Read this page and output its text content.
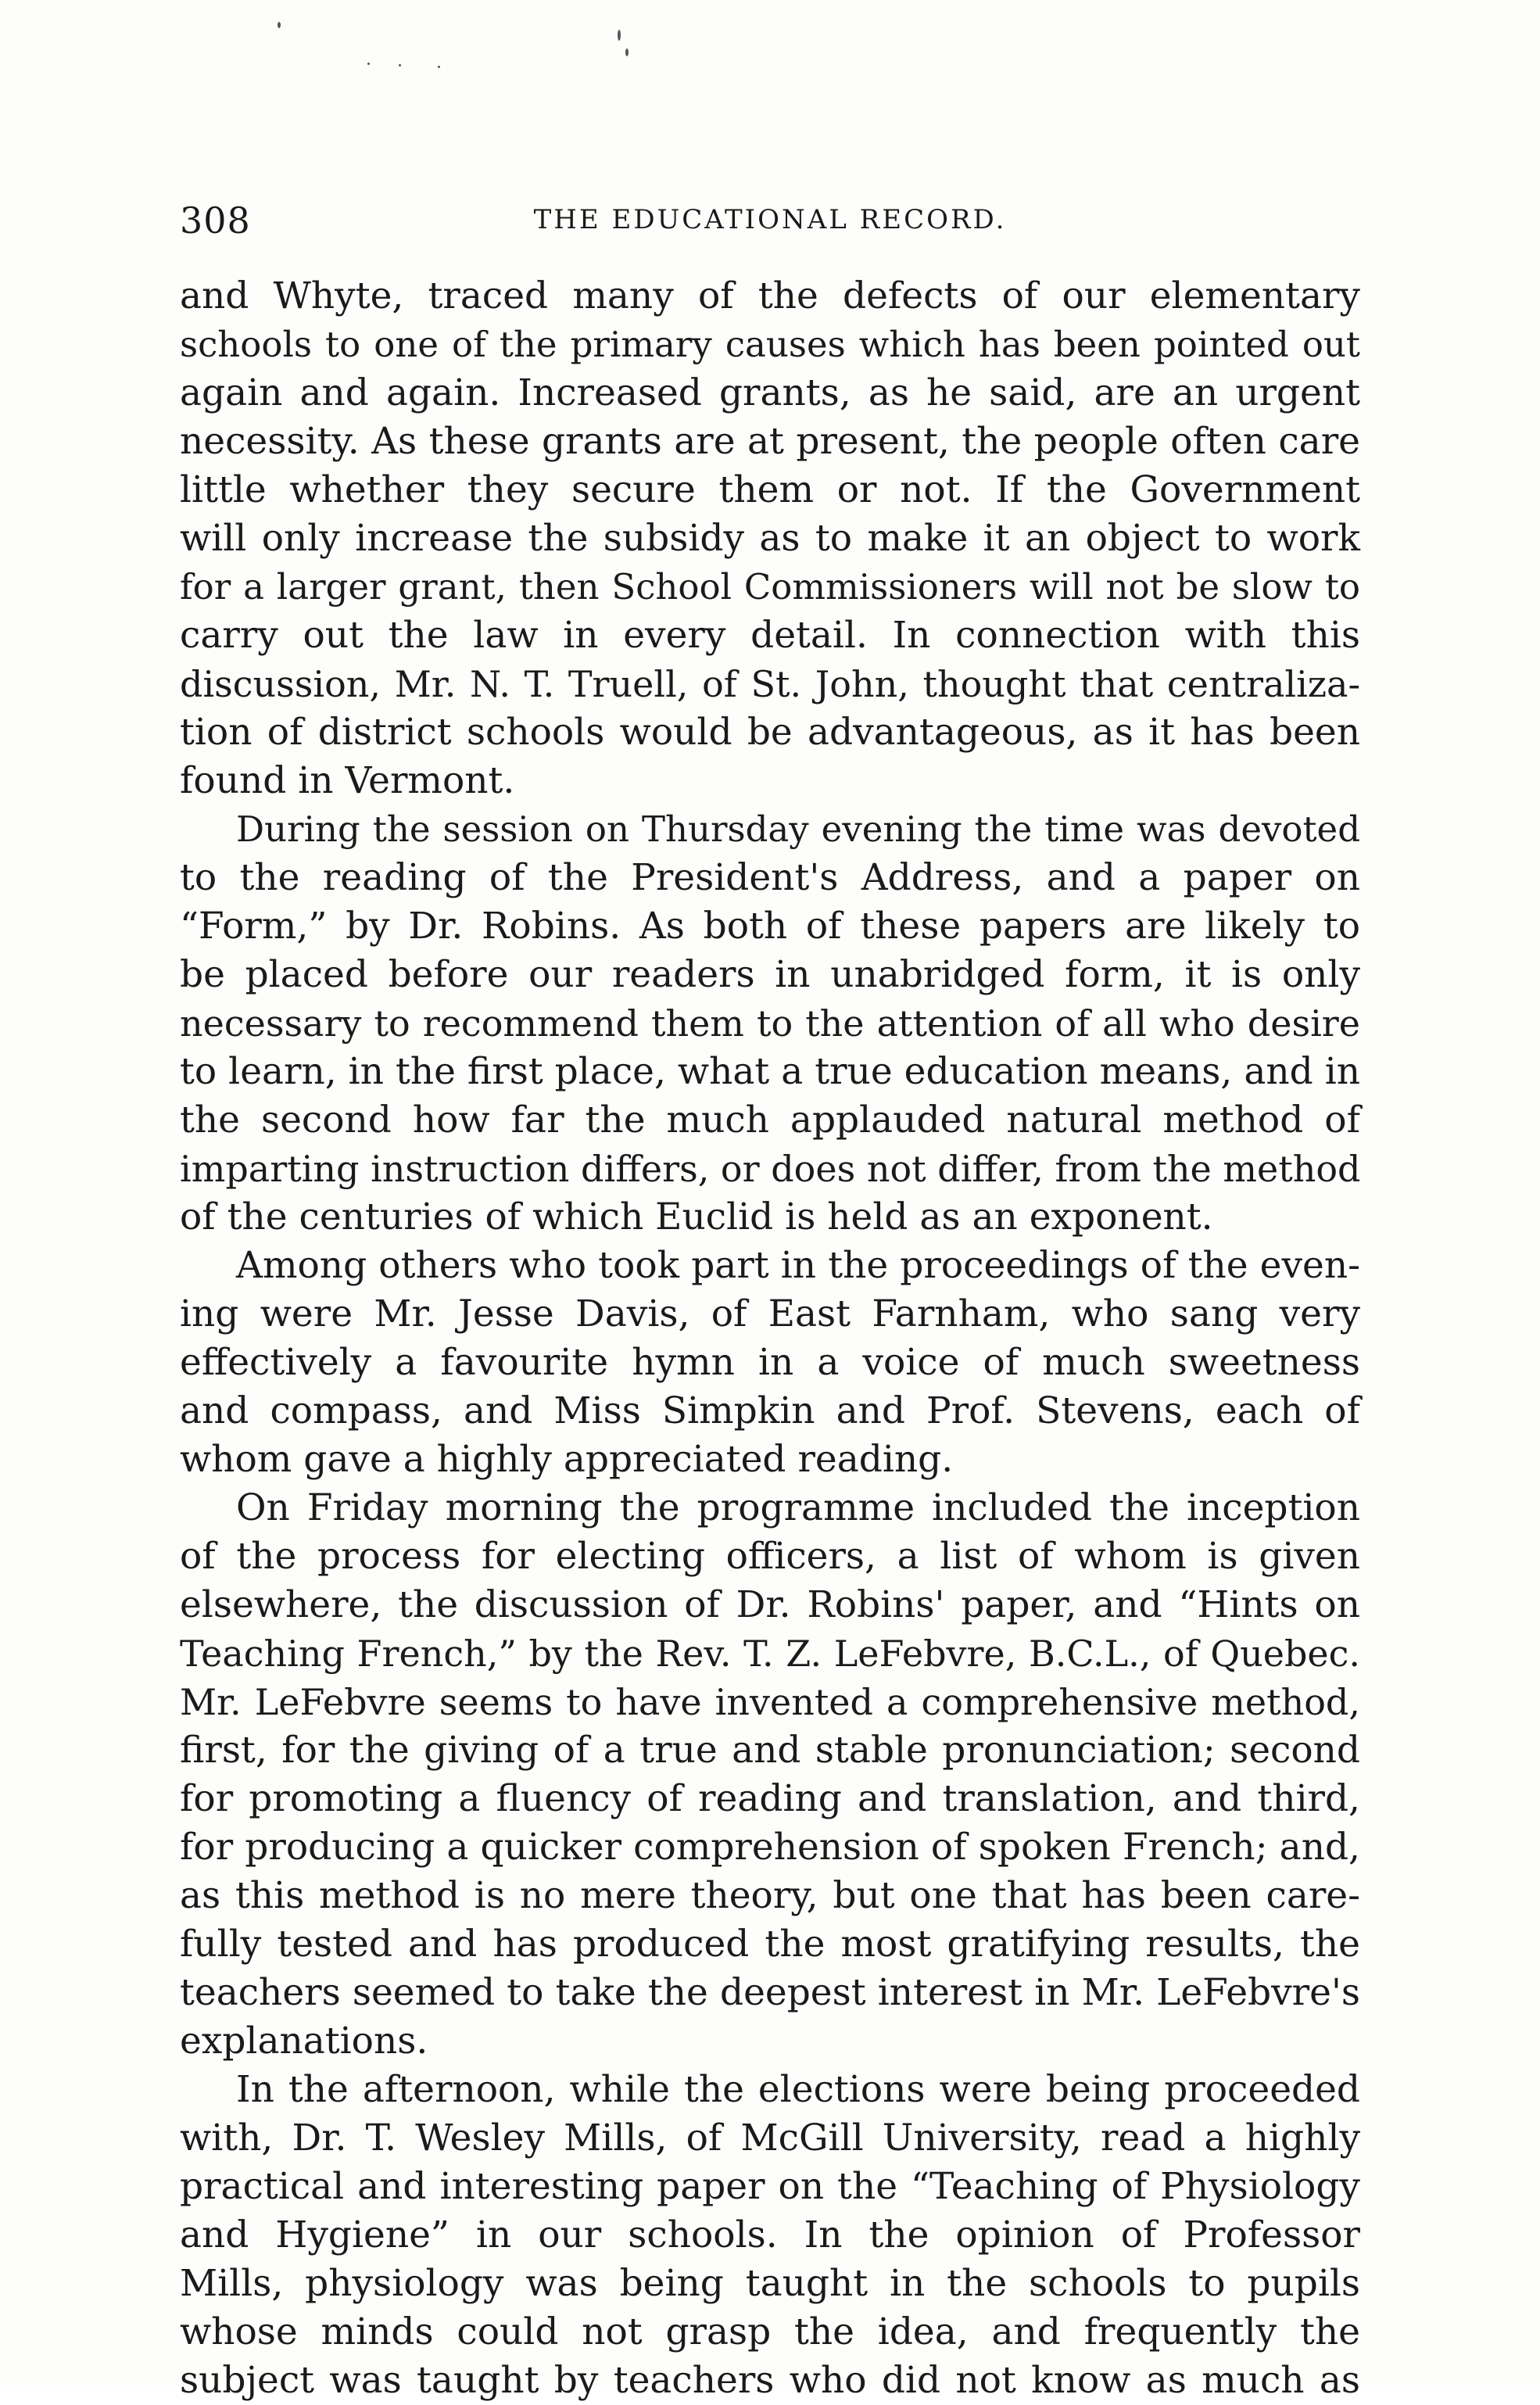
308	THE EDUCATIONAL RECORD.
and Whyte, traced many of the defects of our elementary
schools to one of the primary causes which has been pointed out
again and again. Increased grants, as he said, are an urgent
necessity. As these grants are at present, the people often care
little whether they secure them or not. If the Government
will only increase the subsidy as to make it an object to work
for a larger grant, then School Commissioners will not be slow to
carry out the law in every detail. In connection with this
discussion, Mr. N. T. Truell, of St. John, thought that centraliza-
tion of district schools would be advantageous, as it has been
found in Vermont.
During the session on Thursday evening the time was devoted
to the reading of the President's Address, and a paper on
“Form,” by Dr. Robins. As both of these papers are likely to
be placed before our readers in unabridged form, it is only
necessary to recommend them to the attention of all who desire
to learn, in the first place, what a true education means, and in
the second how far the much applauded natural method of
imparting instruction differs, or does not differ, from the method
of the centuries of which Euclid is held as an exponent.
Among others who took part in the proceedings of the even-
ing were Mr. Jesse Davis, of East Farnham, who sang very
effectively a favourite hymn in a voice of much sweetness
and compass, and Miss Simpkin and Prof. Stevens, each of
whom gave a highly appreciated reading.
On Friday morning the programme included the inception
of the process for electing officers, a list of whom is given
elsewhere, the discussion of Dr. Robins' paper, and “Hints on
Teaching French,” by the Rev. T. Z. LeFebvre, B.C.L., of Quebec.
Mr. LeFebvre seems to have invented a comprehensive method,
first, for the giving of a true and stable pronunciation; second
for promoting a fluency of reading and translation, and third,
for producing a quicker comprehension of spoken French; and,
as this method is no mere theory, but one that has been care-
fully tested and has produced the most gratifying results, the
teachers seemed to take the deepest interest in Mr. LeFebvre's
explanations.
In the afternoon, while the elections were being proceeded
with, Dr. T. Wesley Mills, of McGill University, read a highly
practical and interesting paper on the “Teaching of Physiology
and Hygiene” in our schools. In the opinion of Professor
Mills, physiology was being taught in the schools to pupils
whose minds could not grasp the idea, and frequently the
subject was taught by teachers who did not know as much as
